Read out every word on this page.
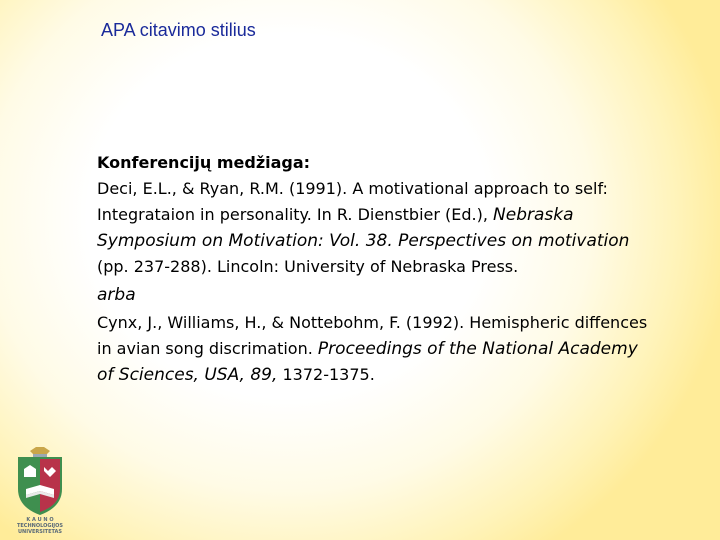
APA citavimo stilius
Konferencijų medžiaga:
Deci, E.L., & Ryan, R.M. (1991). A motivational approach to self: Integrataion in personality. In R. Dienstbier (Ed.), Nebraska Symposium on Motivation: Vol. 38. Perspectives on motivation (pp. 237-288). Lincoln: University of Nebraska Press.
arba
Cynx, J., Williams, H., & Nottebohm, F. (1992). Hemispheric diffences in avian song discrimation. Proceedings of the National Academy of Sciences, USA, 89, 1372-1375.
K A U N O
TECHNOLOGIJOS
UNIVERSITETAS
